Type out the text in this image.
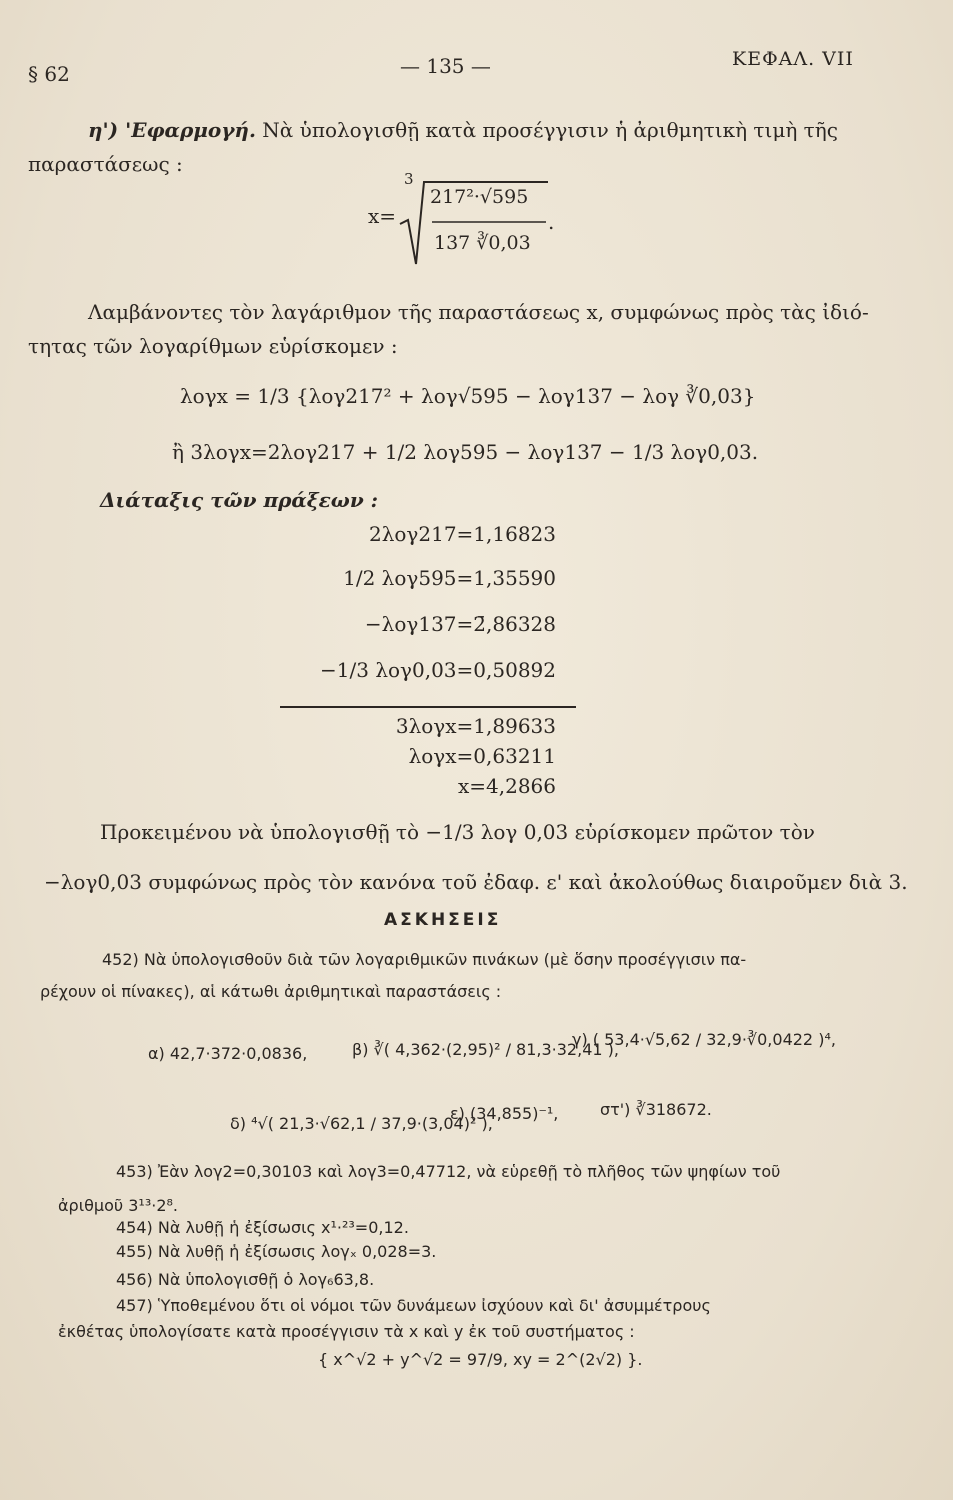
§ 62	— 135 —	ΚΕΦΑΛ. VII
η') 'Εφαρμογή. Νὰ ὑπολογισθῇ κατὰ προσέγγισιν ἡ ἀριθμητικὴ τιμὴ τῆς
παραστάσεως :
x=
3
217²·√595
137 ∛0,03
.
Λαμβάνοντες τὸν λαγάριθμον τῆς παραστάσεως x, συμφώνως πρὸς τὰς ἰδιό-
τητας τῶν λογαρίθμων εὑρίσκομεν :
λογx = 1/3 {λογ217² + λογ√595 − λογ137 − λογ ∛0,03}
ἢ 3λογx=2λογ217 + 1/2 λογ595 − λογ137 − 1/3 λογ0,03.
Διάταξις τῶν πράξεων :
2λογ217=1,16823
1/2 λογ595=1,35590
−λογ137=2̄,86328
−1/3 λογ0,03=0,50892
3λογx=1,89633
λογx=0,63211
x=4,2866
Προκειμένου νὰ ὑπολογισθῇ τὸ −1/3 λογ 0,03 εὑρίσκομεν πρῶτον τὸν
−λογ0,03 συμφώνως πρὸς τὸν κανόνα τοῦ ἐδαφ. ε' καὶ ἀκολούθως διαιροῦμεν διὰ 3.
ΑΣΚΗΣΕΙΣ
452) Νὰ ὑπολογισθοῦν διὰ τῶν λογαριθμικῶν πινάκων (μὲ ὅσην προσέγγισιν πα-
ρέχουν οἱ πίνακες), αἱ κάτωθι ἀριθμητικαὶ παραστάσεις :
α) 42,7·372·0,0836,	β) ∛( 4,362·(2,95)² / 81,3·32,41 ),
γ) ( 53,4·√5,62 / 32,9·∛0,0422 )⁴,
δ) ⁴√( 21,3·√62,1 / 37,9·(3,04)² ),
ε) (34,855)⁻¹,	στ') ∛318672.
453) Ἐὰν λογ2=0,30103 καὶ λογ3=0,47712, νὰ εὑρεθῇ τὸ πλῆθος τῶν ψηφίων τοῦ
ἀριθμοῦ 3¹³·2⁸.
454) Νὰ λυθῇ ἡ ἐξίσωσις x¹·²³=0,12.
455) Νὰ λυθῇ ἡ ἐξίσωσις λογₓ 0,028=3.
456) Νὰ ὑπολογισθῇ ὁ λογ₆63,8.
457) Ὑποθεμένου ὅτι οἱ νόμοι τῶν δυνάμεων ἰσχύουν καὶ δι' ἀσυμμέτρους
ἐκθέτας ὑπολογίσατε κατὰ προσέγγισιν τὰ x καὶ y ἐκ τοῦ συστήματος :
{ x^√2 + y^√2 = 97/9, xy = 2^(2√2) }.
